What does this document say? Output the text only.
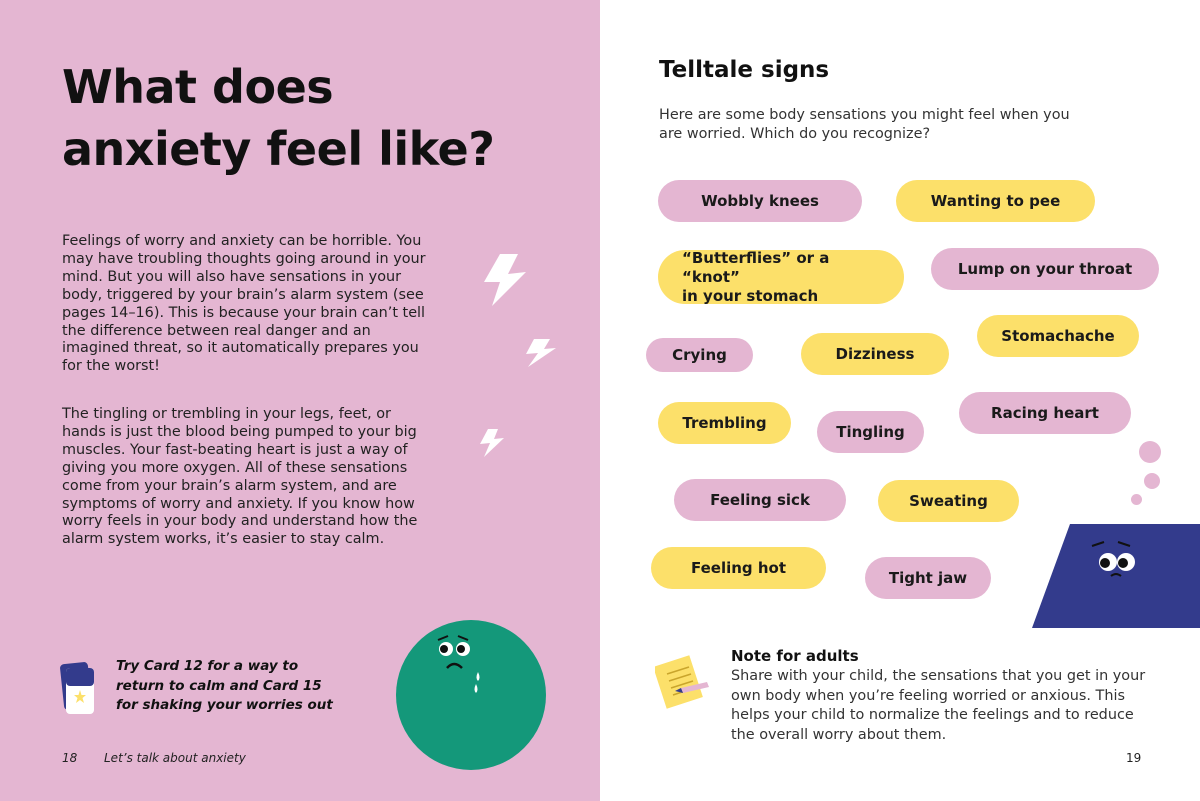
What does
anxiety feel like?

Feelings of worry and anxiety can be horrible. You may have troubling thoughts going around in your mind. But you will also have sensations in your body, triggered by your brain’s alarm system (see pages 14–16). This is because your brain can’t tell the difference between real danger and an imagined threat, so it automatically prepares you for the worst!

The tingling or trembling in your legs, feet, or hands is just the blood being pumped to your big muscles. Your fast-beating heart is just a way of giving you more oxygen. All of these sensations come from your brain’s alarm system, and are symptoms of worry and anxiety. If you know how worry feels in your body and understand how the alarm system works, it’s easier to stay calm.

Try Card 12 for a way to return to calm and Card 15 for shaking your worries out
18 Let’s talk about anxiety
Telltale signs

Here are some body sensations you might feel when you are worried. Which do you recognize?

Wobbly knees	Wanting to pee
“Butterflies” or a “knot”
in your stomach
Lump on your throat
Stomachache
Crying	Dizziness
Racing heart
Trembling	Tingling
Feeling sick	Sweating
Feeling hot
Tight jaw
Note for adults

Share with your child, the sensations that you get in your own body when you’re feeling worried or anxious. This helps your child to normalize the feelings and to reduce the overall worry about them.

19
